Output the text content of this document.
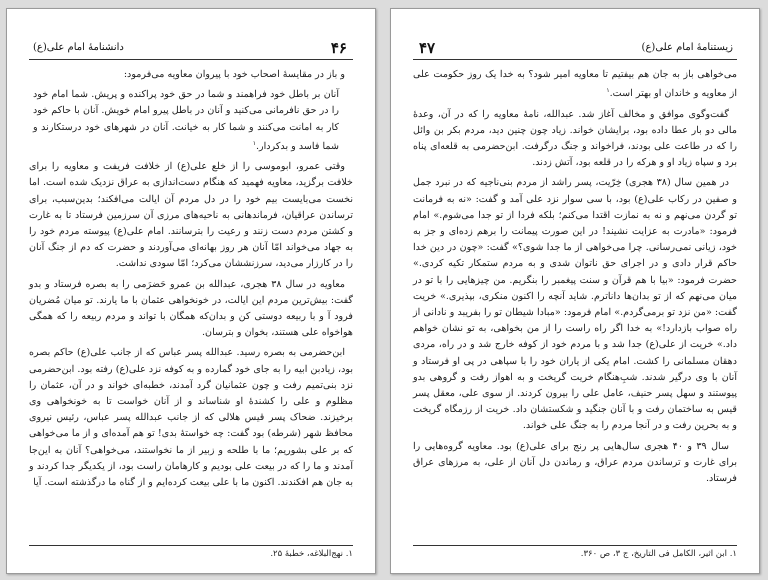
۴۶
دانشنامهٔ امام علی(ع)

و باز در مقایسهٔ اصحاب خود با پیروان معاویه می‌فرمود:

آنان بر باطل خود فراهمند و شما در حق خود پراکنده و پریش. شما امام خود را در حق نافرمانی می‌کنید و آنان در باطل پیرو امام خویش. آنان با حاکم خود کار به امانت می‌کنند و شما کار به خیانت. آنان در شهرهای خود درستکارند و شما فاسد و بدکردار.$^۱$

وقتی عمرو، ابوموسی را از خلع علی(ع) از خلافت فریفت و معاویه را برای خلافت برگزید، معاویه فهمید که هنگام دست‌اندازی به عراق نزدیک شده است. اما نخست می‌بایست بیم خود را در دل مردم آن ایالت می‌افکند؛ بدین‌سبب، برای ترساندن عراقیان، فرماندهانی به ناحیه‌های مرزی آن سرزمین فرستاد تا به غارت و کشتن مردم دست زنند و رعیت را بترسانند. امام علی(ع) پیوسته مردم خود را به جهاد می‌خواند امّا آنان هر روز بهانه‌ای می‌آوردند و حضرت که دم از جنگ آنان را در کارزار می‌دید، سرزنششان می‌کرد؛ امّا سودی نداشت.

معاویه در سال ۳۸ هجری، عبدالله بن عمرو حَضرَمی را به بصره فرستاد و بدو گفت: بیش‌ترین مردم این ایالت، در خونخواهی عثمان با ما یارند. تو میان مُضریان فرود آ و با ربیعه دوستی کن و بدان‌که همگان با تواند و مردم ربیعه را که همگی هواخواه علی هستند، بخوان و بترسان.

ابن‌حضرمی به بصره رسید. عبدالله پسر عباس که از جانب علی(ع) حاکم بصره بود، زیادبن ابیه را به جای خود گمارده و به کوفه نزد علی(ع) رفته بود. ابن‌حضرمی نزد بنی‌تمیم رفت و چون عثمانیان گرد آمدند، خطبه‌ای خواند و در آن، عثمان را مظلوم و علی را کشندهٔ او شناساند و از آنان خواست تا به خونخواهی وی برخیزند. ضحاک پسر قیس هلالی که از جانب عبدالله پسر عباس، رئیس نیروی محافظ شهر (شرطه) بود گفت: چه خواستهٔ بدی! تو هم آمده‌ای و از ما می‌خواهی که بر علی بشوریم؛ ما با طلحه و زبیر از ما نخواستند، می‌خواهی؟ آنان به این‌جا آمدند و ما را که در بیعت علی بودیم و کارهامان راست بود، از یکدیگر جدا کردند و به جان هم افکندند. اکنون ما با علی بیعت کرده‌ایم و از گناه ما درگذشته است. آیا

۱. نهج‌البلاغه، خطبهٔ ۲۵.
۴۷	زیستنامهٔ امام علی(ع)

می‌خواهی باز به جان هم بیفتیم تا معاویه امیر شود؟ به خدا یک روز حکومت علی از معاویه و خاندان او بهتر است.$^۱$

گفت‌وگوی موافق و مخالف آغاز شد. عبدالله، نامهٔ معاویه را که در آن، وعدهٔ مالی دو بار عطا داده بود، برایشان خواند. زیاد چون چنین دید، مردم بکر بن وائل را که در طاعت علی بودند، فراخواند و جنگ درگرفت. ابن‌حضرمی به قلعه‌ای پناه برد و سپاه زیاد او و هرکه را در قلعه بود، آتش زدند.

در همین سال (۳۸ هجری) خِرّیت، پسر راشد از مردم بنی‌ناجیه که در نبرد جمل و صفین در رکاب علی(ع) بود، با سی سوار نزد علی آمد و گفت: «نه به فرمانت تو گردن می‌نهم و نه به نمازت اقتدا می‌کنم؛ بلکه فردا از تو جدا می‌شوم.» امام فرمود: «مادرت به عزایت نشیند! در این صورت پیمانت را برهم زده‌ای و جز به خود، زیانی نمی‌رسانی. چرا می‌خواهی از ما جدا شوی؟» گفت: «چون در دین خدا حاکم قرار دادی و در اجرای حق ناتوان شدی و به مردم ستمکار تکیه کردی.» حضرت فرمود: «بیا با هم قرآن و سنت پیغمبر را بنگریم. من چیزهایی را با تو در میان می‌نهم که از تو بدان‌ها داناترم. شاید آنچه را اکنون منکری، بپذیری.» خریت گفت: «من نزد تو برمی‌گردم.» امام فرمود: «مبادا شیطان تو را بفریبد و نادانی از راه صواب بازدارد!» به خدا اگر راه راست را از من بخواهی، به تو نشان خواهم داد.» خریت از علی(ع) جدا شد و با مردم خود از کوفه خارج شد و در راه، مردی دهقان مسلمانی را کشت. امام یکی از یاران خود را با سپاهی در پی او فرستاد و آنان با وی درگیر شدند. شبِ‌هنگام خریت گریخت و به اهواز رفت و گروهی بدو پیوستند و سهل پسر حنیف، عامل علی را بیرون کردند. از سوی علی، معقل پسر قیس به ساختمان رفت و با آنان جنگید و شکستشان داد. خریت از رزمگاه گریخت و به بحرین رفت و در آنجا مردم را به جنگ علی خواند.

سال ۳۹ و ۴۰ هجری سال‌هایی پر رنج برای علی(ع) بود. معاویه گروه‌هایی را برای غارت و ترساندن مردم عراق، و رماندن دل آنان از علی، به مرزهای عراق فرستاد.

۱. ابن اثیر، الکامل فی التاریخ، ج ۳، ص ۳۶۰.
